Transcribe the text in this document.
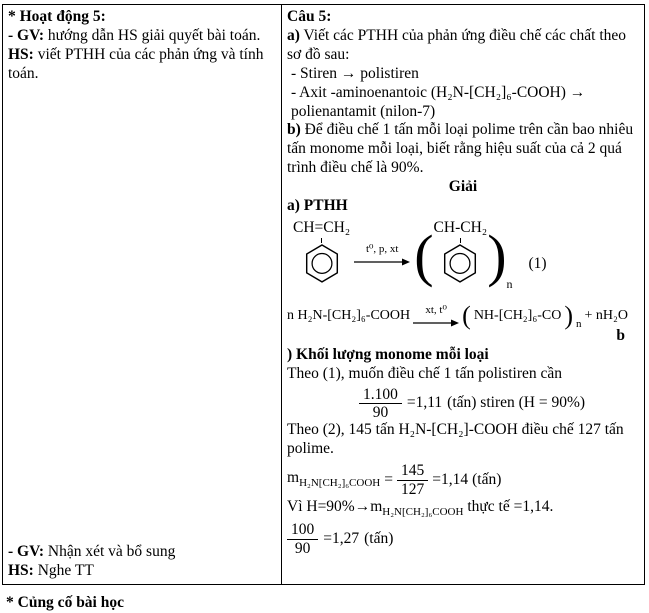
* Hoạt động 5:

- GV: hướng dẫn HS giải quyết bài toán.

HS: viết PTHH của các phản ứng và tính toán.

- GV: Nhận xét và bổ sung

HS: Nghe TT

Câu 5:

a) Viết các PTHH của phản ứng điều chế các chất theo sơ đồ sau:

- Stiren → polistiren

- Axit -aminoenantoic (H₂N-[CH₂]₆-COOH) → polienantamit (nilon-7)

b) Để điều chế 1 tấn mỗi loại polime trên cần bao nhiêu tấn monome mỗi loại, biết rằng hiệu suất của cả 2 quá trình điều chế là 90%.

Giải

a) PTHH

CH=CH₂
t⁰, p, xt ( CH-CH₂ ) n
(1)
n H₂N-[CH₂]₆-COOH xt, t⁰ ( NH-[CH₂]₆-CO ) n
+ nH₂O
b

) Khối lượng monome mỗi loại

Theo (1), muốn điều chế 1 tấn polistiren cần

$\frac{1.100}{90} =1,11$ (tấn) stiren (H = 90%)

Theo (2), 145 tấn H₂N-[CH₂]-COOH điều chế 127 tấn polime.

$m_{H_2N[CH_2]_6COOH} = \frac{145}{127} =1,14$ (tấn)

Vì $H=90\%\to m_{H_2N[CH_2]_6COOH}$ thực tế =1,14.

$\frac{100}{90} =1,27$ (tấn)

* Củng cố bài học
